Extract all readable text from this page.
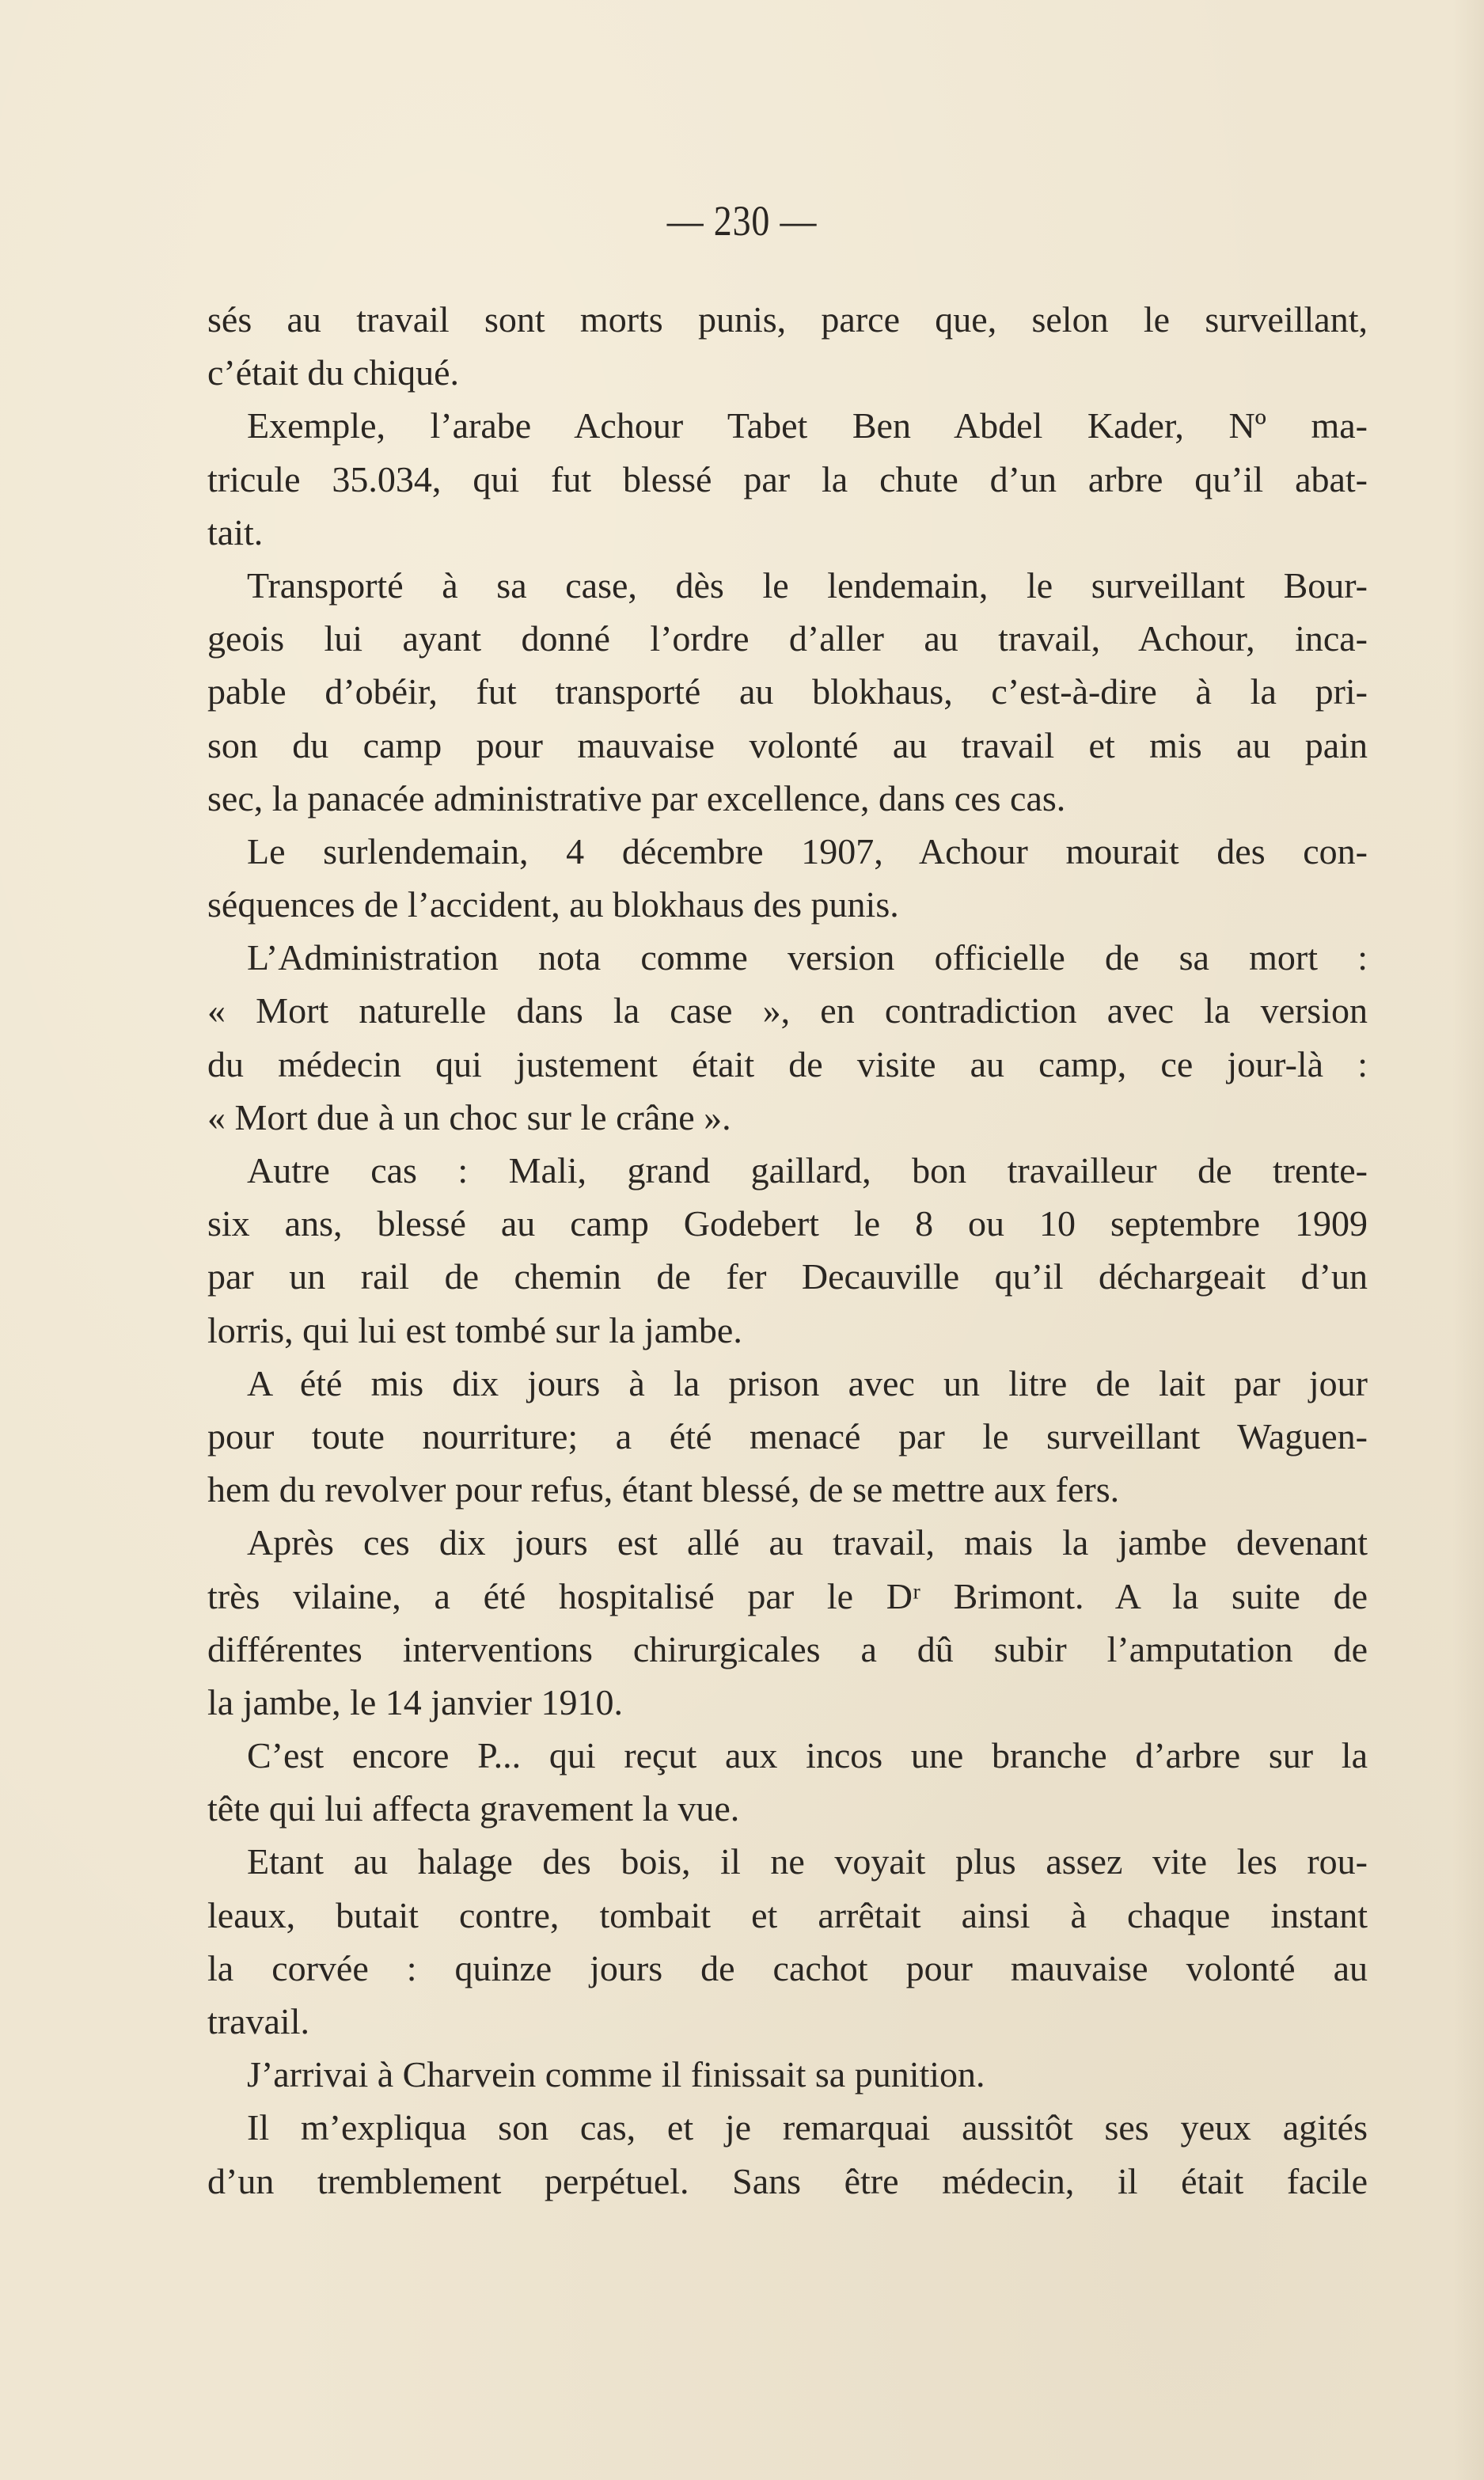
— 230 —
sés au travail sont morts punis, parce que, selon le surveillant,
c’était du chiqué.
Exemple, l’arabe Achour Tabet Ben Abdel Kader, Nº ma-
tricule 35.034, qui fut blessé par la chute d’un arbre qu’il abat-
tait.
Transporté à sa case, dès le lendemain, le surveillant Bour-
geois lui ayant donné l’ordre d’aller au travail, Achour, inca-
pable d’obéir, fut transporté au blokhaus, c’est-à-dire à la pri-
son du camp pour mauvaise volonté au travail et mis au pain
sec, la panacée administrative par excellence, dans ces cas.
Le surlendemain, 4 décembre 1907, Achour mourait des con-
séquences de l’accident, au blokhaus des punis.
L’Administration nota comme version officielle de sa mort :
« Mort naturelle dans la case », en contradiction avec la version
du médecin qui justement était de visite au camp, ce jour-là :
« Mort due à un choc sur le crâne ».
Autre cas : Mali, grand gaillard, bon travailleur de trente-
six ans, blessé au camp Godebert le 8 ou 10 septembre 1909
par un rail de chemin de fer Decauville qu’il déchargeait d’un
lorris, qui lui est tombé sur la jambe.
A été mis dix jours à la prison avec un litre de lait par jour
pour toute nourriture; a été menacé par le surveillant Waguen-
hem du revolver pour refus, étant blessé, de se mettre aux fers.
Après ces dix jours est allé au travail, mais la jambe devenant
très vilaine, a été hospitalisé par le Dʳ Brimont. A la suite de
différentes interventions chirurgicales a dû subir l’amputation de
la jambe, le 14 janvier 1910.
C’est encore P... qui reçut aux incos une branche d’arbre sur la
tête qui lui affecta gravement la vue.
Etant au halage des bois, il ne voyait plus assez vite les rou-
leaux, butait contre, tombait et arrêtait ainsi à chaque instant
la corvée : quinze jours de cachot pour mauvaise volonté au
travail.
J’arrivai à Charvein comme il finissait sa punition.
Il m’expliqua son cas, et je remarquai aussitôt ses yeux agités
d’un tremblement perpétuel. Sans être médecin, il était facile
